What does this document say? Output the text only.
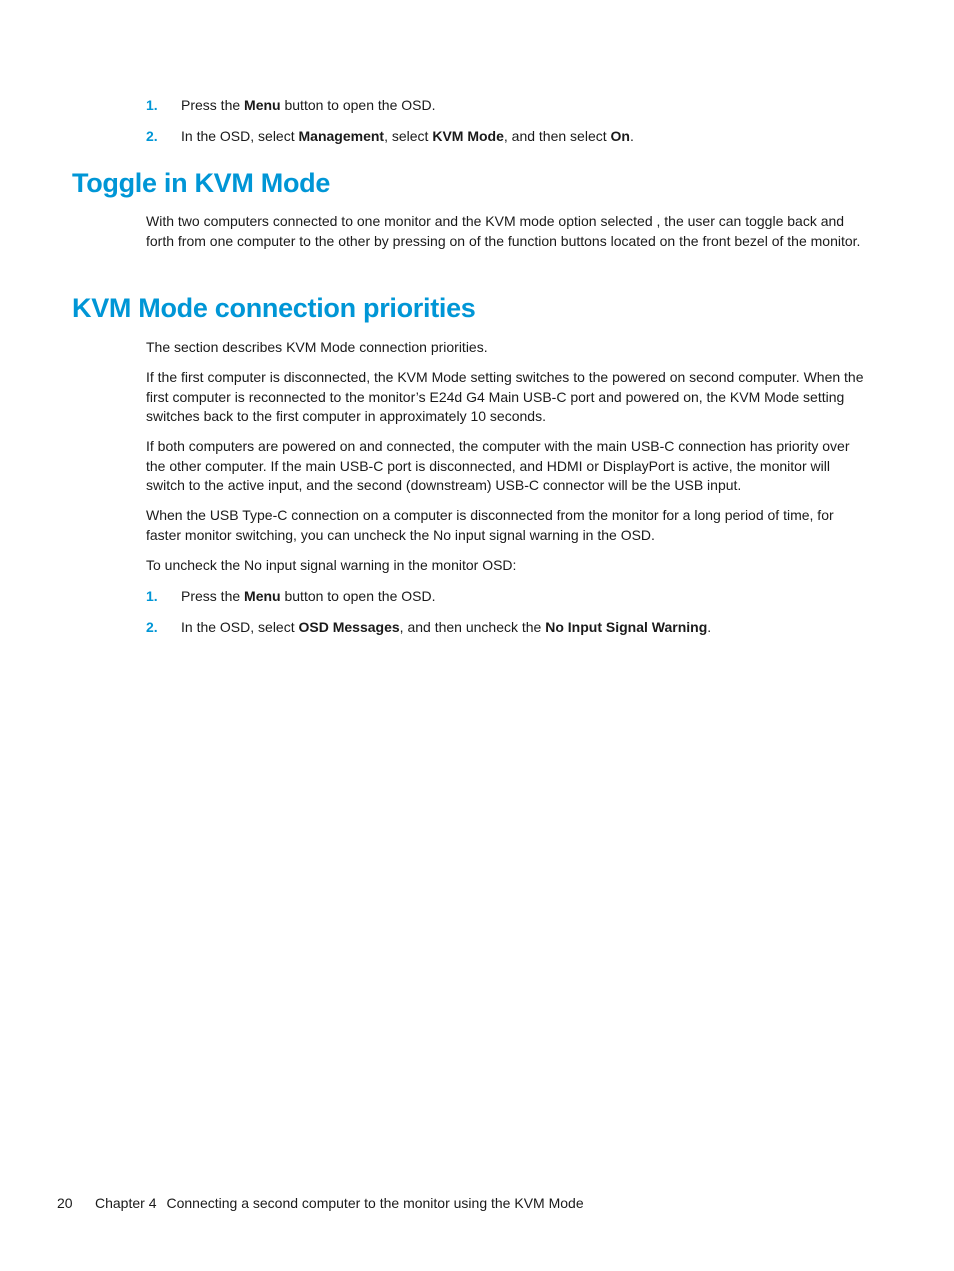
1. Press the Menu button to open the OSD.
2. In the OSD, select Management, select KVM Mode, and then select On.
Toggle in KVM Mode

With two computers connected to one monitor and the KVM mode option selected , the user can toggle back and forth from one computer to the other by pressing on of the function buttons located on the front bezel of the monitor.

KVM Mode connection priorities

The section describes KVM Mode connection priorities.

If the first computer is disconnected, the KVM Mode setting switches to the powered on second computer. When the first computer is reconnected to the monitor’s E24d G4 Main USB-C port and powered on, the KVM Mode setting switches back to the first computer in approximately 10 seconds.

If both computers are powered on and connected, the computer with the main USB-C connection has priority over the other computer. If the main USB-C port is disconnected, and HDMI or DisplayPort is active, the monitor will switch to the active input, and the second (downstream) USB-C connector will be the USB input.

When the USB Type-C connection on a computer is disconnected from the monitor for a long period of time, for faster monitor switching, you can uncheck the No input signal warning in the OSD.

To uncheck the No input signal warning in the monitor OSD:

1. Press the Menu button to open the OSD.
2. In the OSD, select OSD Messages, and then uncheck the No Input Signal Warning.
20 Chapter 4 Connecting a second computer to the monitor using the KVM Mode
